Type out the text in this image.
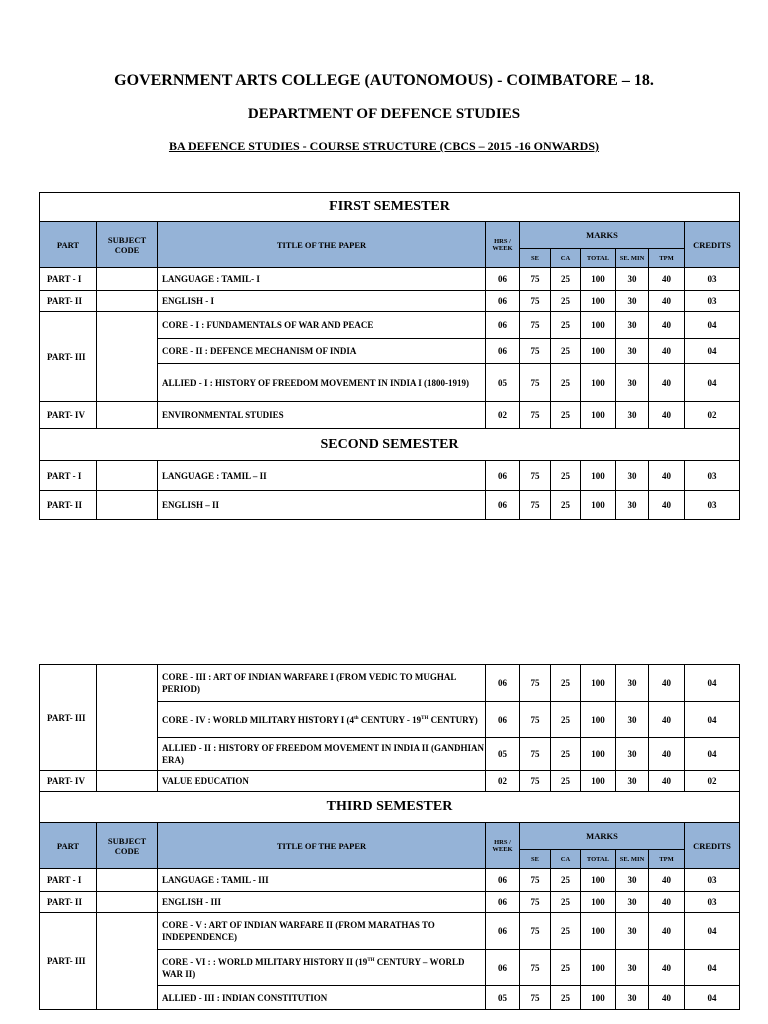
GOVERNMENT ARTS COLLEGE (AUTONOMOUS) - COIMBATORE – 18.
DEPARTMENT OF DEFENCE STUDIES
BA DEFENCE STUDIES - COURSE STRUCTURE (CBCS – 2015 -16 ONWARDS)
FIRST SEMESTER									
PART	SUBJECT CODE	TITLE OF THE PAPER	HRS / WEEK	MARKS					CREDITS
				SE	CA	TOTAL	SE. MIN	TPM	
PART - I		LANGUAGE : TAMIL- I	06	75	25	100	30	40	03
PART- II		ENGLISH - I	06	75	25	100	30	40	03
PART- III		CORE - I : FUNDAMENTALS OF WAR AND PEACE	06	75	25	100	30	40	04
		CORE - II : DEFENCE MECHANISM OF INDIA	06	75	25	100	30	40	04
		ALLIED - I : HISTORY OF FREEDOM MOVEMENT IN INDIA I (1800-1919)	05	75	25	100	30	40	04
PART- IV		ENVIRONMENTAL STUDIES	02	75	25	100	30	40	02
SECOND SEMESTER									
PART - I		LANGUAGE : TAMIL – II	06	75	25	100	30	40	03
PART- II		ENGLISH – II	06	75	25	100	30	40	03
PART- III		CORE - III : ART OF INDIAN WARFARE I (FROM VEDIC TO MUGHAL PERIOD)	06	75	25	100	30	40	04
		CORE - IV : WORLD MILITARY HISTORY I (4th CENTURY - 19TH CENTURY)	06	75	25	100	30	40	04
		ALLIED - II : HISTORY OF FREEDOM MOVEMENT IN INDIA II (GANDHIAN ERA)	05	75	25	100	30	40	04
PART- IV		VALUE EDUCATION	02	75	25	100	30	40	02
THIRD SEMESTER									
PART	SUBJECT CODE	TITLE OF THE PAPER	HRS / WEEK	MARKS					CREDITS
				SE	CA	TOTAL	SE. MIN	TPM	
PART - I		LANGUAGE : TAMIL - III	06	75	25	100	30	40	03
PART- II		ENGLISH - III	06	75	25	100	30	40	03
PART- III		CORE - V : ART OF INDIAN WARFARE II (FROM MARATHAS TO INDEPENDENCE)	06	75	25	100	30	40	04
		CORE - VI : : WORLD MILITARY HISTORY II (19TH CENTURY – WORLD WAR II)	06	75	25	100	30	40	04
		ALLIED - III : INDIAN CONSTITUTION	05	75	25	100	30	40	04
